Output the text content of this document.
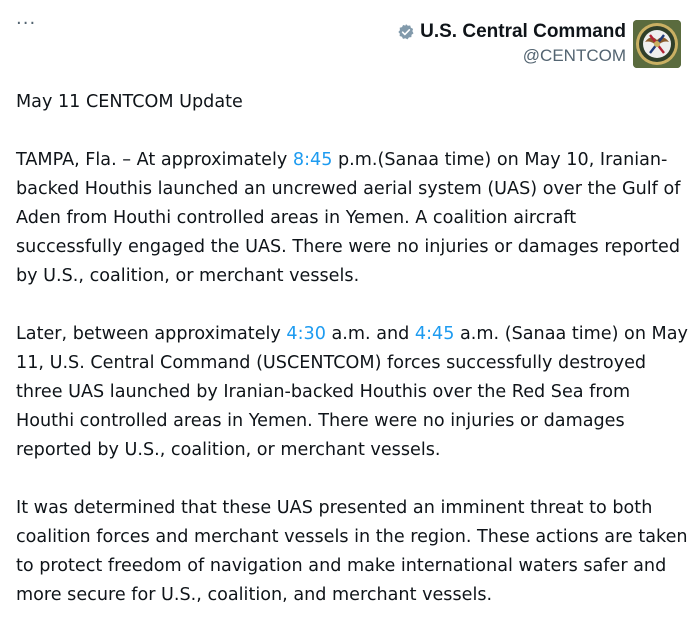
···	U.S. Central Command
@CENTCOM

May 11 CENTCOM Update

TAMPA, Fla. – At approximately 8:45 p.m.(Sanaa time) on May 10, Iranian-backed Houthis launched an uncrewed aerial system (UAS) over the Gulf of Aden from Houthi controlled areas in Yemen. A coalition aircraft successfully engaged the UAS. There were no injuries or damages reported by U.S., coalition, or merchant vessels.

Later, between approximately 4:30 a.m. and 4:45 a.m. (Sanaa time) on May 11, U.S. Central Command (USCENTCOM) forces successfully destroyed three UAS launched by Iranian-backed Houthis over the Red Sea from Houthi controlled areas in Yemen. There were no injuries or damages reported by U.S., coalition, or merchant vessels.

It was determined that these UAS presented an imminent threat to both coalition forces and merchant vessels in the region. These actions are taken to protect freedom of navigation and make international waters safer and more secure for U.S., coalition, and merchant vessels.
